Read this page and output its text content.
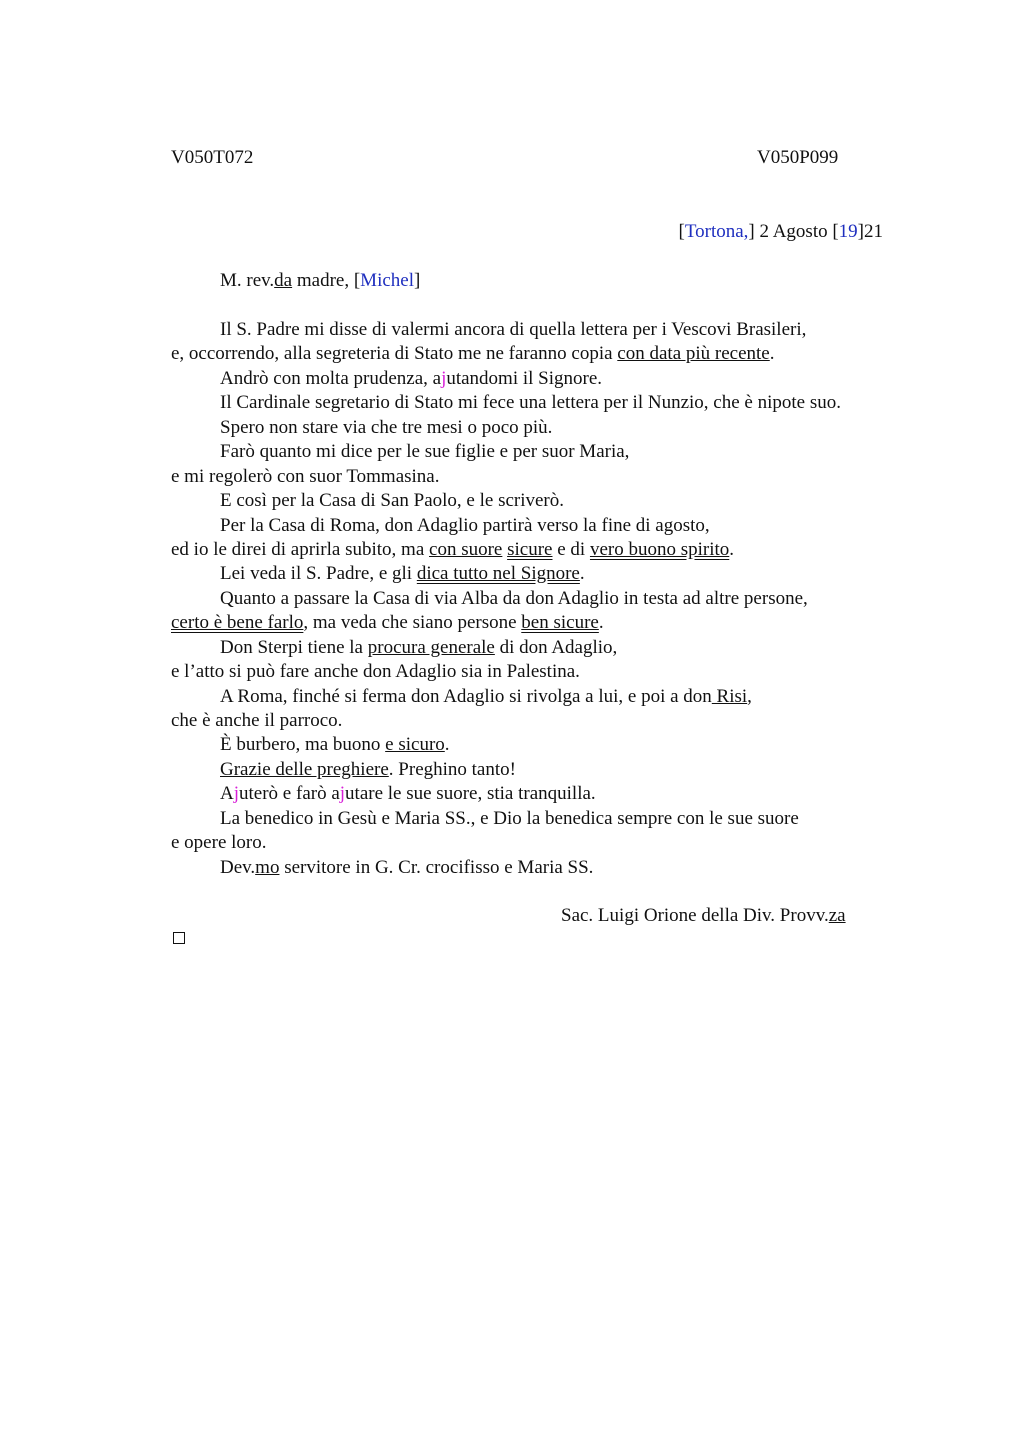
V050T072	V050P099
[Tortona,] 2 Agosto [19]21
M. rev.da madre, [Michel]
Il S. Padre mi disse di valermi ancora di quella lettera per i Vescovi Brasileri,
e, occorrendo, alla segreteria di Stato me ne faranno copia con data più recente.
Andrò con molta prudenza, ajutandomi il Signore.
Il Cardinale segretario di Stato mi fece una lettera per il Nunzio, che è nipote suo.
Spero non stare via che tre mesi o poco più.
Farò quanto mi dice per le sue figlie e per suor Maria,
e mi regolerò con suor Tommasina.
E così per la Casa di San Paolo, e le scriverò.
Per la Casa di Roma, don Adaglio partirà verso la fine di agosto,
ed io le direi di aprirla subito, ma con suore sicure e di vero buono spirito.
Lei veda il S. Padre, e gli dica tutto nel Signore.
Quanto a passare la Casa di via Alba da don Adaglio in testa ad altre persone,
certo è bene farlo, ma veda che siano persone ben sicure.
Don Sterpi tiene la procura generale di don Adaglio,
e l’atto si può fare anche don Adaglio sia in Palestina.
A Roma, finché si ferma don Adaglio si rivolga a lui, e poi a don Risi,
che è anche il parroco.
È burbero, ma buono e sicuro.
Grazie delle preghiere. Preghino tanto!
Ajuterò e farò ajutare le sue suore, stia tranquilla.
La benedico in Gesù e Maria SS., e Dio la benedica sempre con le sue suore
e opere loro.
Dev.mo servitore in G. Cr. crocifisso e Maria SS.
Sac. Luigi Orione della Div. Provv.za
